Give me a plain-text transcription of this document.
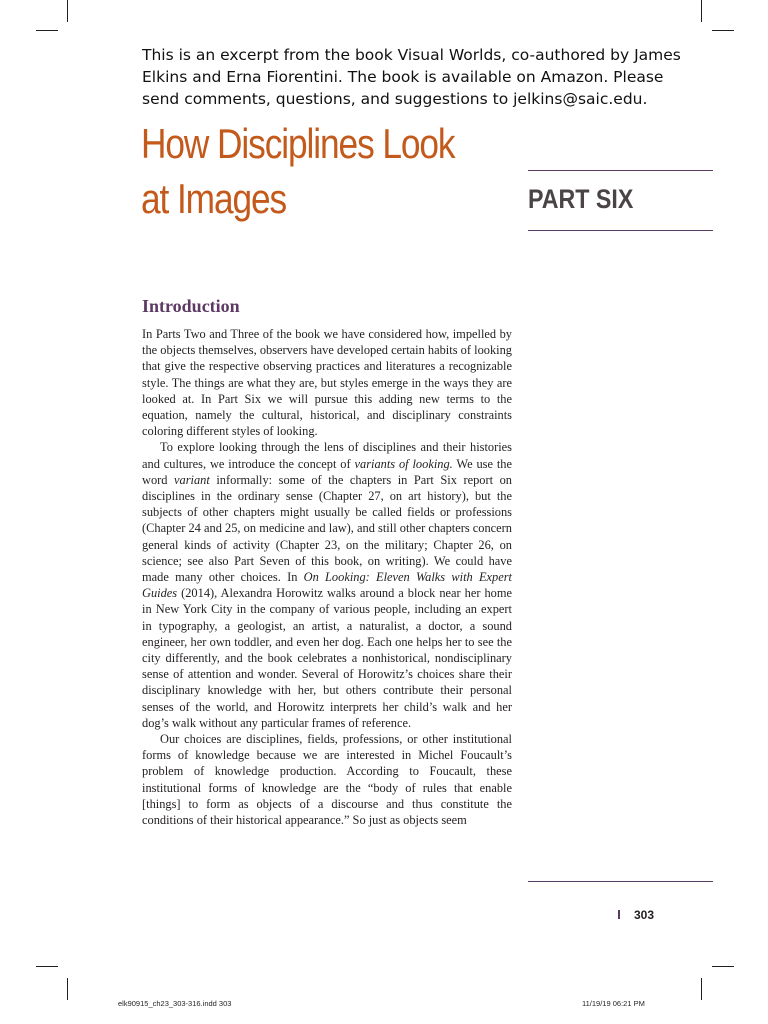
This is an excerpt from the book Visual Worlds, co-authored by James Elkins and Erna Fiorentini. The book is available on Amazon. Please send comments, questions, and suggestions to jelkins@saic.edu.
How Disciplines Look
at Images	PART SIX
Introduction

In Parts Two and Three of the book we have considered how, impelled by the objects themselves, observers have developed certain habits of looking that give the respective observing practices and literatures a recognizable style. The things are what they are, but styles emerge in the ways they are looked at. In Part Six we will pursue this adding new terms to the equation, namely the cultural, historical, and disciplinary constraints coloring different styles of looking.

To explore looking through the lens of disciplines and their histories and cultures, we introduce the concept of variants of looking. We use the word variant informally: some of the chapters in Part Six report on disciplines in the ordinary sense (Chapter 27, on art history), but the subjects of other chapters might usually be called fields or professions (Chapter 24 and 25, on medicine and law), and still other chapters concern general kinds of activity (Chapter 23, on the military; Chapter 26, on science; see also Part Seven of this book, on writing). We could have made many other choices. In On Looking: Eleven Walks with Expert Guides (2014), Alexandra Horowitz walks around a block near her home in New York City in the company of various people, including an expert in typography, a geologist, an artist, a naturalist, a doctor, a sound engineer, her own toddler, and even her dog. Each one helps her to see the city differently, and the book celebrates a nonhistorical, nondisciplinary sense of attention and wonder. Several of Horowitz’s choices share their disciplinary knowledge with her, but others contribute their personal senses of the world, and Horowitz interprets her child’s walk and her dog’s walk without any particular frames of reference.

Our choices are disciplines, fields, professions, or other institutional forms of knowledge because we are interested in Michel Foucault’s problem of knowledge production. According to Foucault, these institutional forms of knowledge are the “body of rules that enable [things] to form as objects of a discourse and thus constitute the conditions of their historical appearance.” So just as objects seem

303
elk90915_ch23_303-316.indd 303	11/19/19 06:21 PM
